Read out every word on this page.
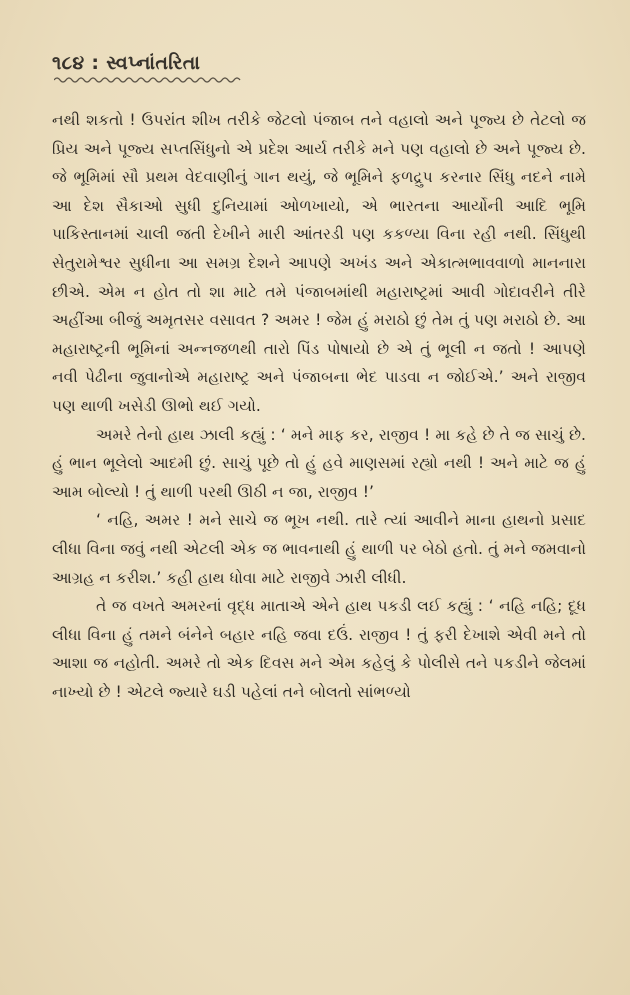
૧૮૪ : સ્વપ્નાંતરિતા

નથી શકતો ! ઉપરાંત શીખ તરીકે જેટલો પંજાબ તને વહાલો અને પૂજ્ય છે તેટલો જ પ્રિય અને પૂજ્ય સપ્તસિંધુનો એ પ્રદેશ આર્ય તરીકે મને પણ વહાલો છે અને પૂજ્ય છે. જે ભૂમિમાં સૌ પ્રથમ વેદવાણીનું ગાન થયું, જે ભૂમિને ફળદ્રુપ કરનાર સિંધુ નદને નામે આ દેશ સૈકાઓ સુધી દુનિયામાં ઓળખાયો, એ ભારતના આર્યોની આદિ ભૂમિ પાકિસ્તાનમાં ચાલી જતી દેખીને મારી આંતરડી પણ કકળ્યા વિના રહી નથી. સિંધુથી સેતુરામેશ્વર સુધીના આ સમગ્ર દેશને આપણે અખંડ અને એકાત્મભાવવાળો માનનારા છીએ. એમ ન હોત તો શા માટે તમે પંજાબમાંથી મહારાષ્ટ્રમાં આવી ગોદાવરીને તીરે અહીંઆ બીજું અમૃતસર વસાવત ? અમર ! જેમ હું મરાઠો છું તેમ તું પણ મરાઠો છે. આ મહારાષ્ટ્રની ભૂમિનાં અન્નજળથી તારો પિંડ પોષાયો છે એ તું ભૂલી ન જતો ! આપણે નવી પેઢીના જુવાનોએ મહારાષ્ટ્ર અને પંજાબના ભેદ પાડવા ન જોઈએ.’ અને રાજીવ પણ થાળી ખસેડી ઊભો થઈ ગયો.

અમરે તેનો હાથ ઝાલી કહ્યું : ‘ મને માફ કર, રાજીવ ! મા કહે છે તે જ સાચું છે. હું ભાન ભૂલેલો આદમી છું. સાચું પૂછે તો હું હવે માણસમાં રહ્યો નથી ! અને માટે જ હું આમ બોલ્યો ! તું થાળી પરથી ઊઠી ન જા, રાજીવ !’

‘ નહિ, અમર ! મને સાચે જ ભૂખ નથી. તારે ત્યાં આવીને માના હાથનો પ્રસાદ લીધા વિના જવું નથી એટલી એક જ ભાવનાથી હું થાળી પર બેઠો હતો. તું મને જમવાનો આગ્રહ ન કરીશ.’ કહી હાથ ધોવા માટે રાજીવે ઝારી લીધી.

તે જ વખતે અમરનાં વૃદ્ધ માતાએ એને હાથ પકડી લઈ કહ્યું : ‘ નહિ નહિ; દૂધ લીધા વિના હું તમને બંનેને બહાર નહિ જવા દઉં. રાજીવ ! તું ફરી દેખાશે એવી મને તો આશા જ નહોતી. અમરે તો એક દિવસ મને એમ કહેલું કે પોલીસે તને પકડીને જેલમાં નાખ્યો છે ! એટલે જ્યારે ઘડી પહેલાં તને બોલતો સાંભળ્યો
